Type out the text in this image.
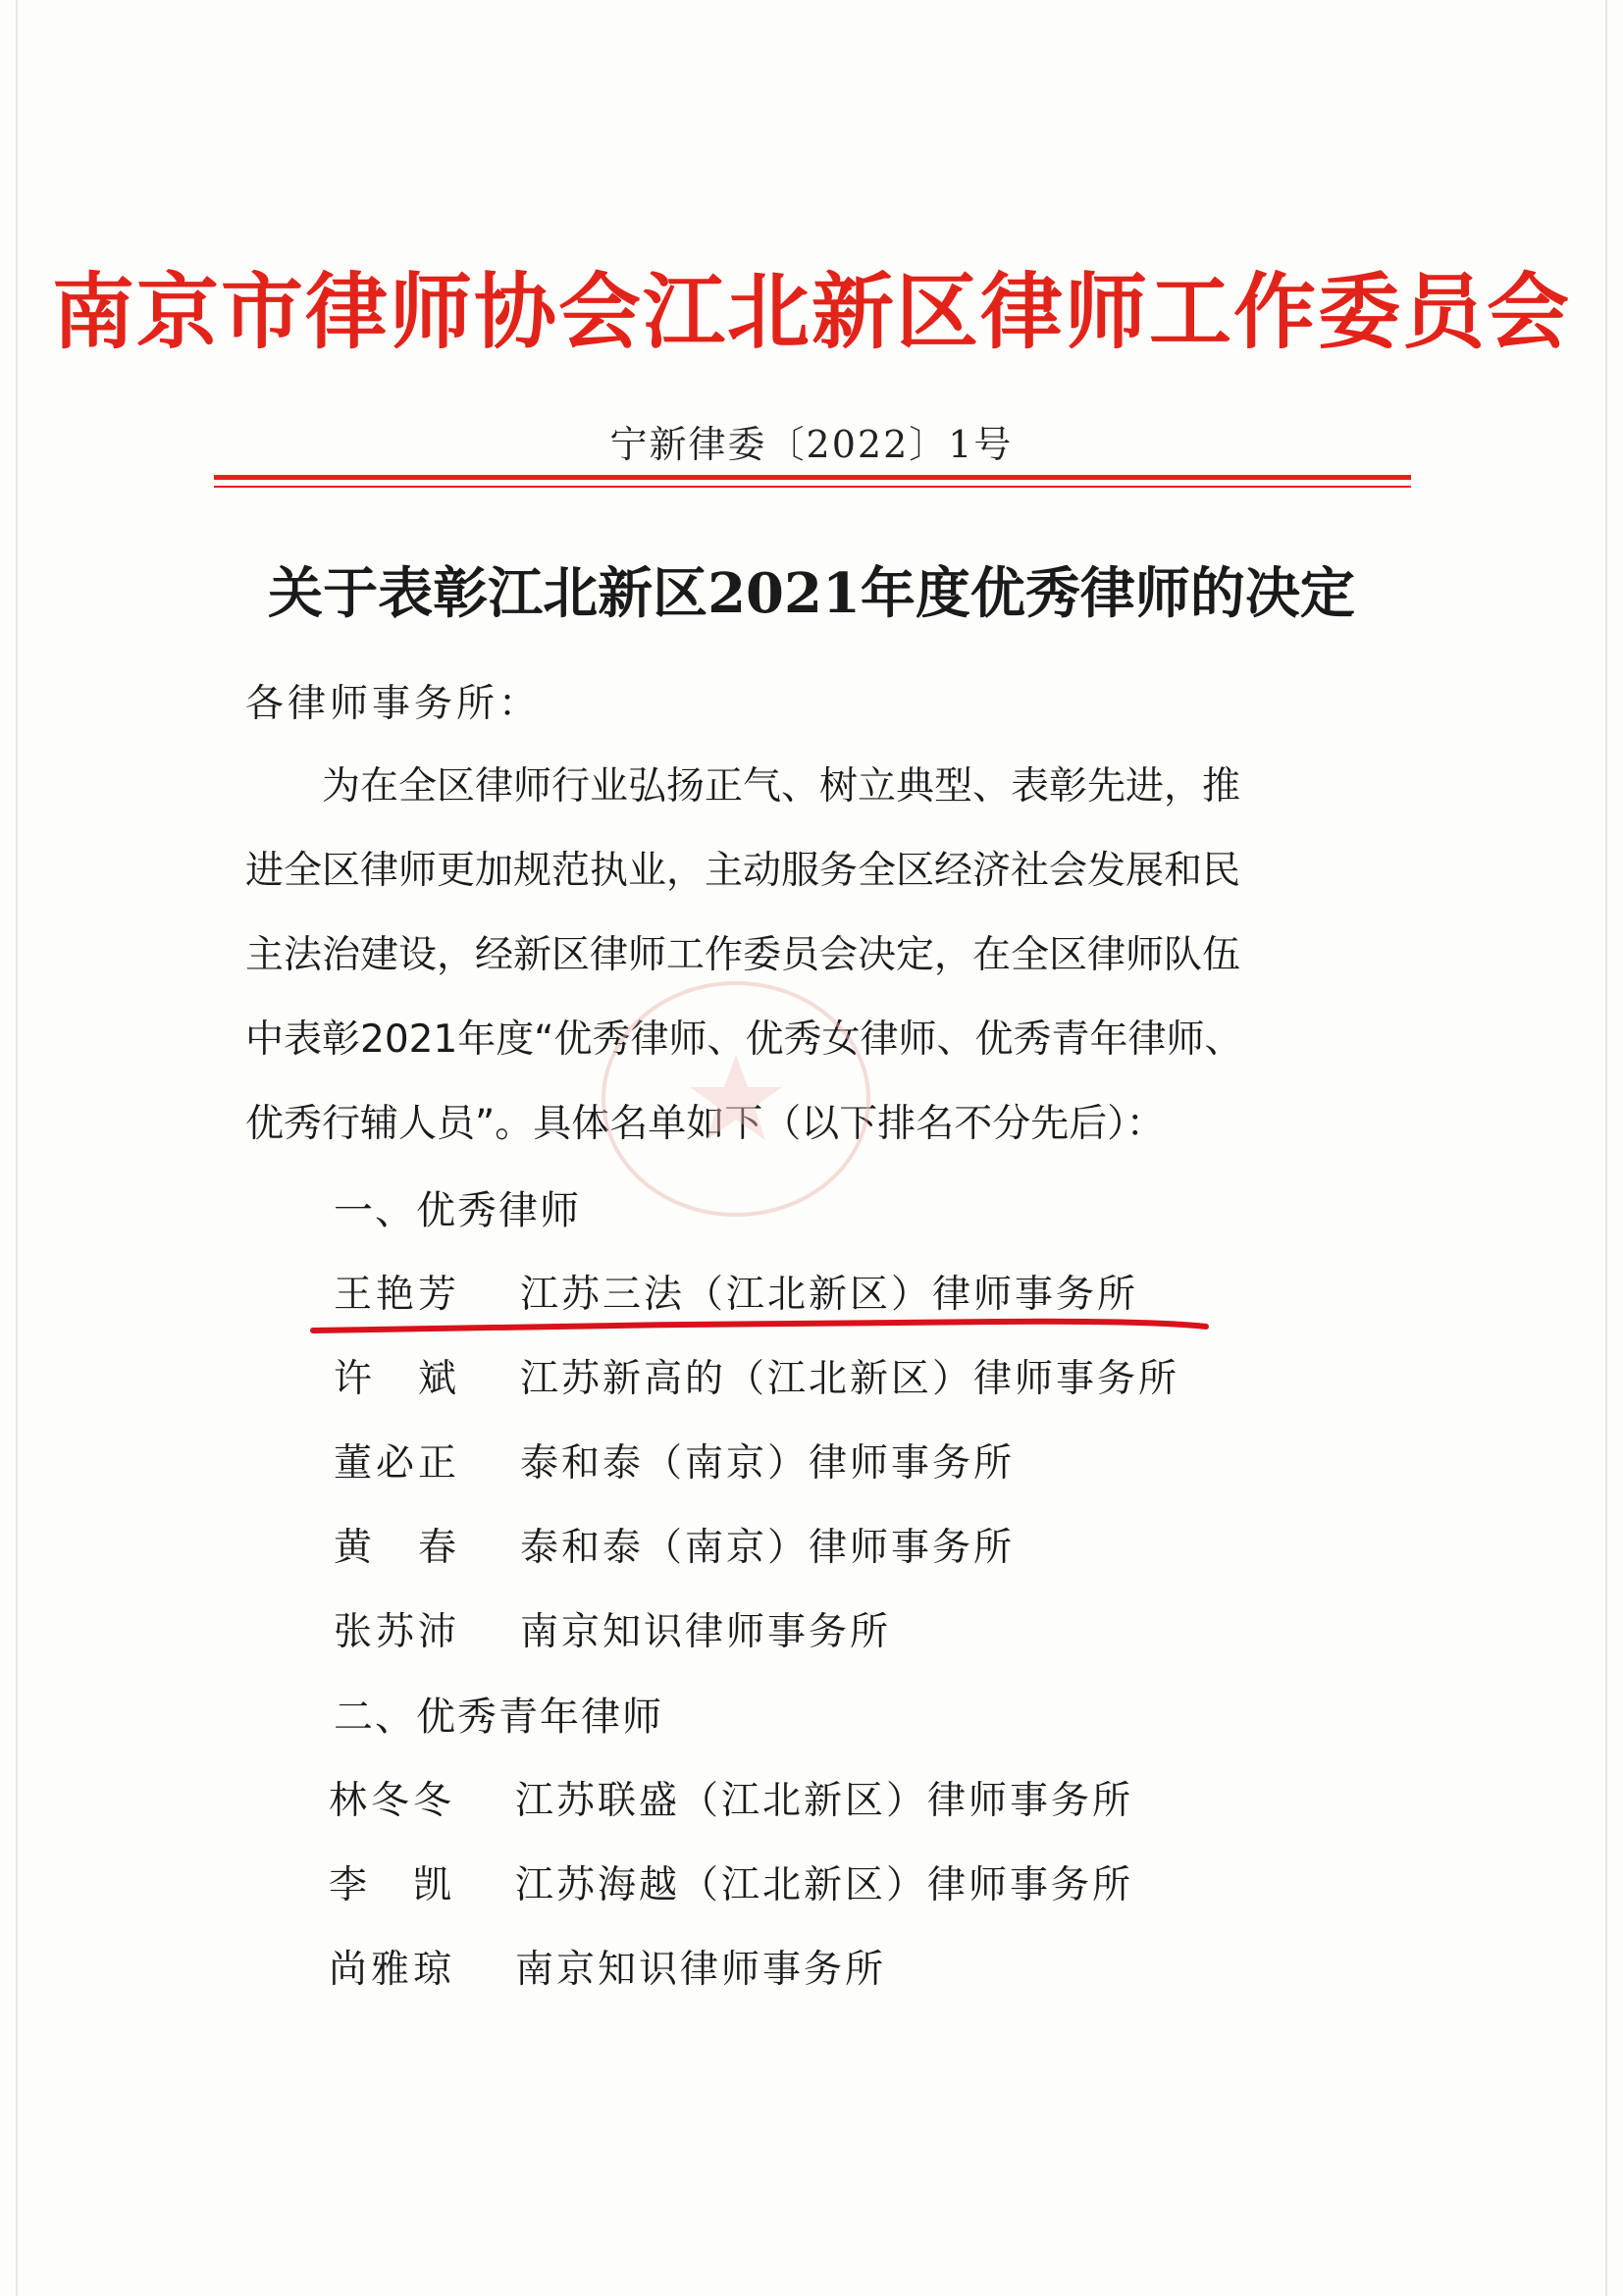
南京市律师协会江北新区律师工作委员会
宁新律委〔2022〕1号
关于表彰江北新区2021年度优秀律师的决定
各律师事务所：
　　为在全区律师行业弘扬正气、树立典型、表彰先进，推
进全区律师更加规范执业，主动服务全区经济社会发展和民
主法治建设，经新区律师工作委员会决定，在全区律师队伍
中表彰2021年度“优秀律师、优秀女律师、优秀青年律师、
优秀行辅人员”。具体名单如下（以下排名不分先后）：
一、优秀律师
王艳芳 江苏三法（江北新区）律师事务所
许　斌 江苏新高的（江北新区）律师事务所
董必正 泰和泰（南京）律师事务所
黄　春 泰和泰（南京）律师事务所
张苏沛 南京知识律师事务所
二、优秀青年律师
林冬冬 江苏联盛（江北新区）律师事务所
李　凯 江苏海越（江北新区）律师事务所
尚雅琼 南京知识律师事务所
